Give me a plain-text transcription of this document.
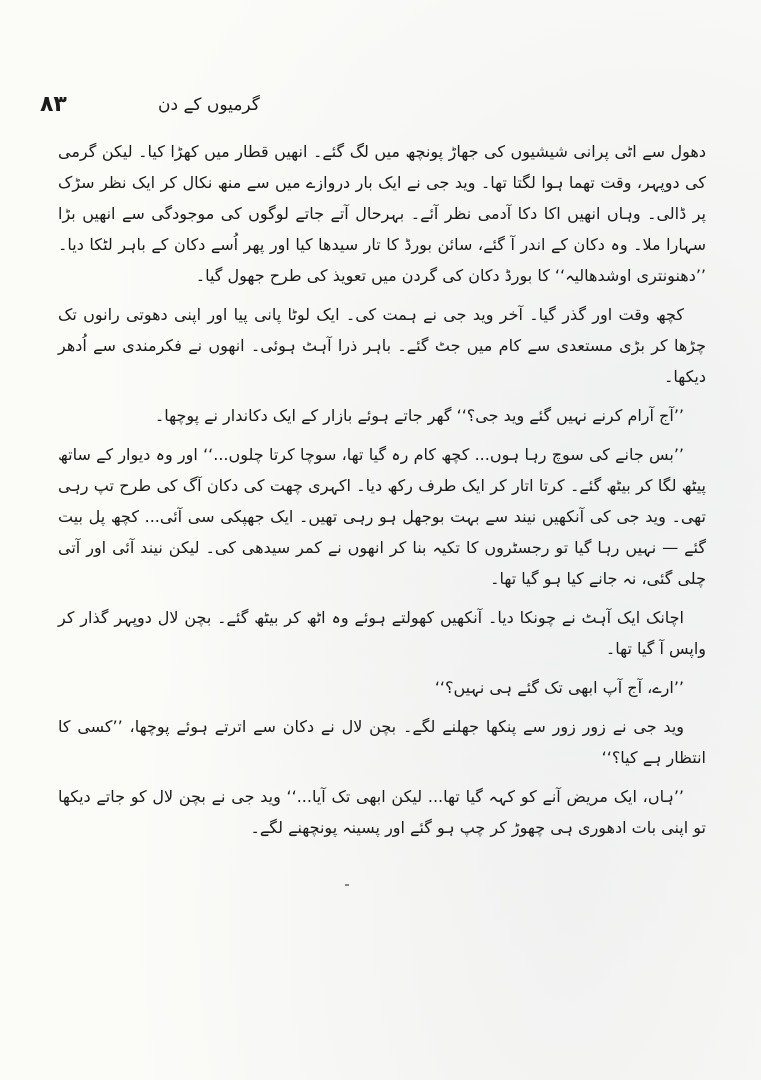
۸۳	گرمیوں کے دن

دھول سے اٹی پرانی شیشیوں کی جھاڑ پونچھ میں لگ گئے۔ انھیں قطار میں کھڑا کیا۔ لیکن گرمی کی دوپہر، وقت تھما ہوا لگتا تھا۔ وید جی نے ایک بار دروازے میں سے منھ نکال کر ایک نظر سڑک پر ڈالی۔ وہاں انھیں اکا دکا آدمی نظر آئے۔ بہرحال آتے جاتے لوگوں کی موجودگی سے انھیں بڑا سہارا ملا۔ وہ دکان کے اندر آ گئے، سائن بورڈ کا تار سیدھا کیا اور پھر اُسے دکان کے باہر لٹکا دیا۔ ’’دھنونتری اوشدھالیہ‘‘ کا بورڈ دکان کی گردن میں تعویذ کی طرح جھول گیا۔

کچھ وقت اور گذر گیا۔ آخر وید جی نے ہمت کی۔ ایک لوٹا پانی پیا اور اپنی دھوتی رانوں تک چڑھا کر بڑی مستعدی سے کام میں جٹ گئے۔ باہر ذرا آہٹ ہوئی۔ انھوں نے فکرمندی سے اُدھر دیکھا۔

’’آج آرام کرنے نہیں گئے وید جی؟‘‘ گھر جاتے ہوئے بازار کے ایک دکاندار نے پوچھا۔

’’بس جانے کی سوچ رہا ہوں... کچھ کام رہ گیا تھا، سوچا کرتا چلوں...‘‘ اور وہ دیوار کے ساتھ پیٹھ لگا کر بیٹھ گئے۔ کرتا اتار کر ایک طرف رکھ دیا۔ اکہری چھت کی دکان آگ کی طرح تپ رہی تھی۔ وید جی کی آنکھیں نیند سے بہت بوجھل ہو رہی تھیں۔ ایک جھپکی سی آئی... کچھ پل بیت گئے — نہیں رہا گیا تو رجسٹروں کا تکیہ بنا کر انھوں نے کمر سیدھی کی۔ لیکن نیند آئی اور آتی چلی گئی، نہ جانے کیا ہو گیا تھا۔

اچانک ایک آہٹ نے چونکا دیا۔ آنکھیں کھولتے ہوئے وہ اٹھ کر بیٹھ گئے۔ بچن لال دوپہر گذار کر واپس آ گیا تھا۔

’’ارے، آج آپ ابھی تک گئے ہی نہیں؟‘‘

وید جی نے زور زور سے پنکھا جھلنے لگے۔ بچن لال نے دکان سے اترتے ہوئے پوچھا، ’’کسی کا انتظار ہے کیا؟‘‘

’’ہاں، ایک مریض آنے کو کہہ گیا تھا... لیکن ابھی تک آیا...‘‘ وید جی نے بچن لال کو جاتے دیکھا تو اپنی بات ادھوری ہی چھوڑ کر چپ ہو گئے اور پسینہ پونچھنے لگے۔
